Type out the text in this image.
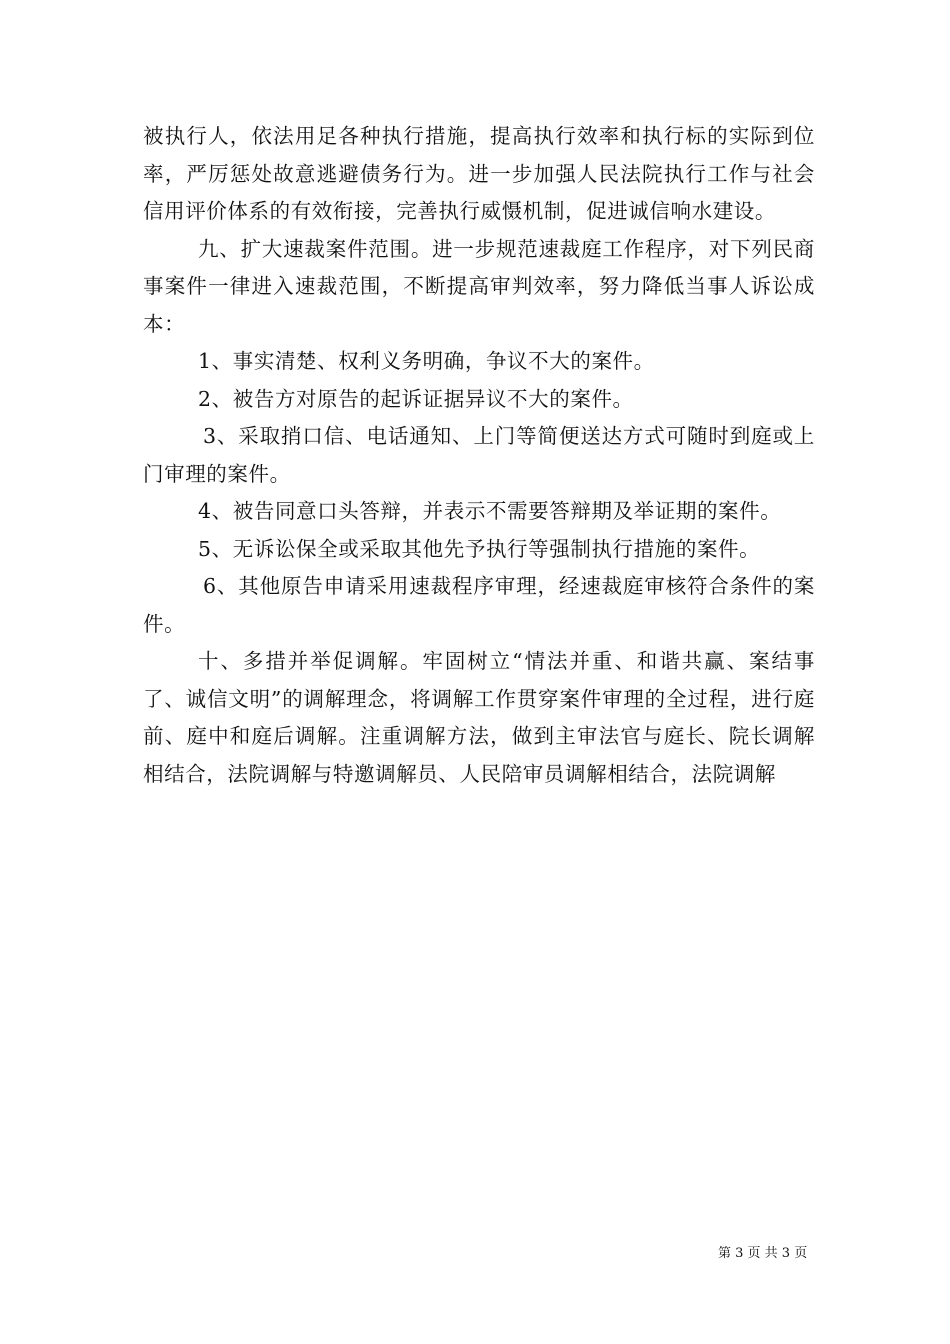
被执行人，依法用足各种执行措施，提高执行效率和执行标的实际到位率，严厉惩处故意逃避债务行为。进一步加强人民法院执行工作与社会信用评价体系的有效衔接，完善执行威慑机制，促进诚信响水建设。

九、扩大速裁案件范围。进一步规范速裁庭工作程序，对下列民商事案件一律进入速裁范围，不断提高审判效率，努力降低当事人诉讼成本：

1、事实清楚、权利义务明确，争议不大的案件。

2、被告方对原告的起诉证据异议不大的案件。

3、采取捎口信、电话通知、上门等简便送达方式可随时到庭或上门审理的案件。

4、被告同意口头答辩，并表示不需要答辩期及举证期的案件。

5、无诉讼保全或采取其他先予执行等强制执行措施的案件。

6、其他原告申请采用速裁程序审理，经速裁庭审核符合条件的案件。

十、多措并举促调解。牢固树立“情法并重、和谐共赢、案结事了、诚信文明”的调解理念，将调解工作贯穿案件审理的全过程，进行庭前、庭中和庭后调解。注重调解方法，做到主审法官与庭长、院长调解相结合，法院调解与特邀调解员、人民陪审员调解相结合，法院调解

第 3 页 共 3 页
